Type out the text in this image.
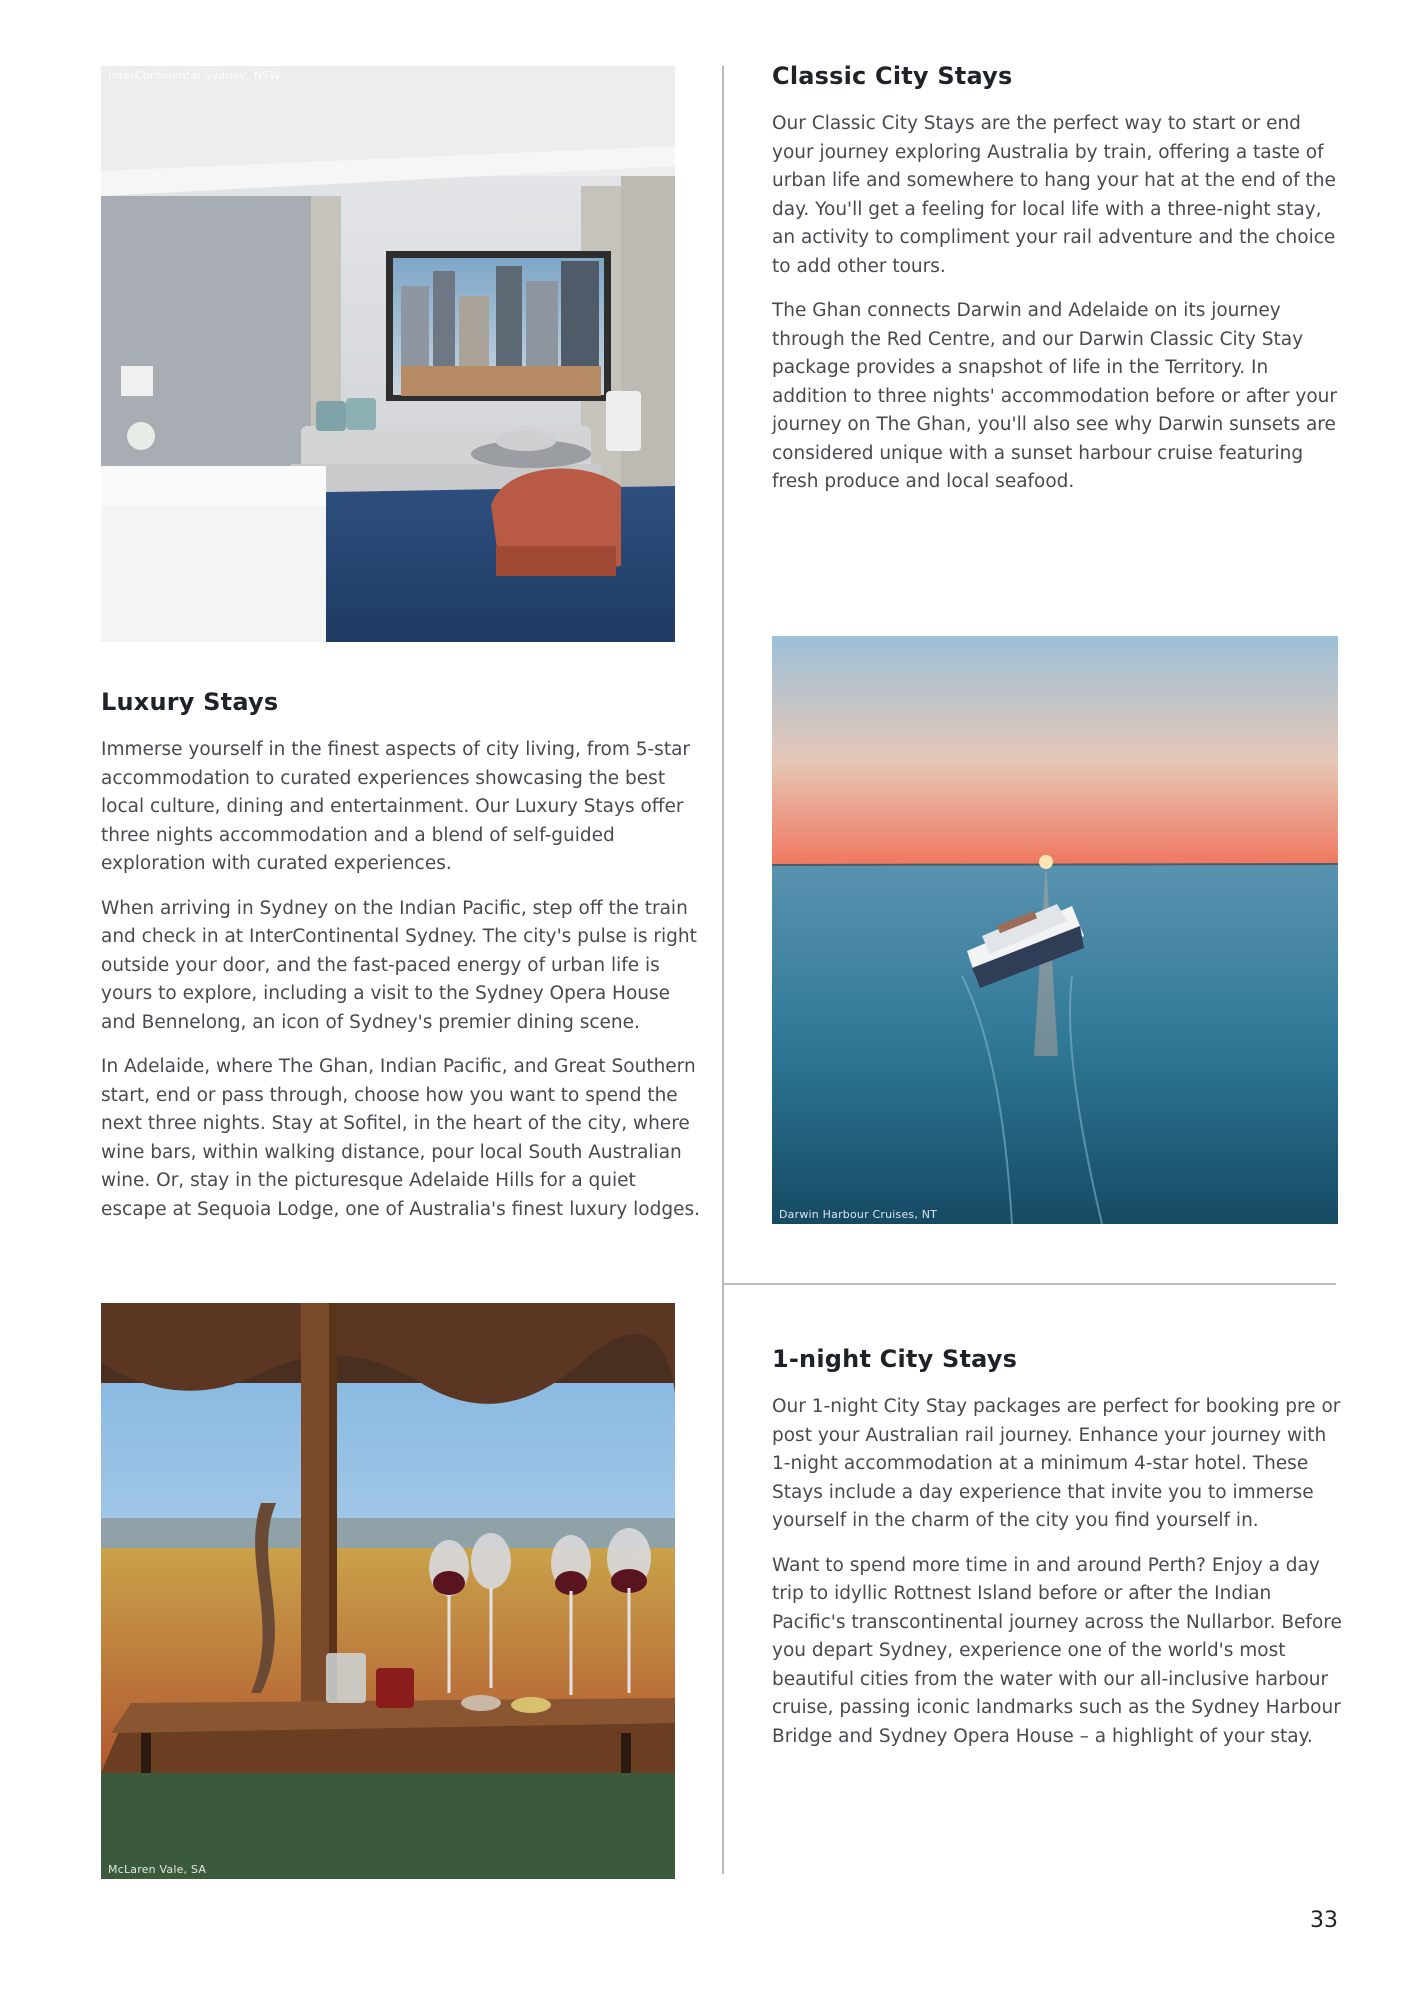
InterContinental Sydney, NSW
Luxury Stays

Immerse yourself in the finest aspects of city living, from 5-star accommodation to curated experiences showcasing the best local culture, dining and entertainment. Our Luxury Stays offer three nights accommodation and a blend of self-guided exploration with curated experiences.

When arriving in Sydney on the Indian Pacific, step off the train and check in at InterContinental Sydney. The city's pulse is right outside your door, and the fast-paced energy of urban life is yours to explore, including a visit to the Sydney Opera House and Bennelong, an icon of Sydney's premier dining scene.

In Adelaide, where The Ghan, Indian Pacific, and Great Southern start, end or pass through, choose how you want to spend the next three nights. Stay at Sofitel, in the heart of the city, where wine bars, within walking distance, pour local South Australian wine. Or, stay in the picturesque Adelaide Hills for a quiet escape at Sequoia Lodge, one of Australia's finest luxury lodges.

McLaren Vale, SA
Classic City Stays

Our Classic City Stays are the perfect way to start or end your journey exploring Australia by train, offering a taste of urban life and somewhere to hang your hat at the end of the day. You'll get a feeling for local life with a three-night stay, an activity to compliment your rail adventure and the choice to add other tours.

The Ghan connects Darwin and Adelaide on its journey through the Red Centre, and our Darwin Classic City Stay package provides a snapshot of life in the Territory. In addition to three nights' accommodation before or after your journey on The Ghan, you'll also see why Darwin sunsets are considered unique with a sunset harbour cruise featuring fresh produce and local seafood.

Darwin Harbour Cruises, NT
1-night City Stays

Our 1-night City Stay packages are perfect for booking pre or post your Australian rail journey. Enhance your journey with 1-night accommodation at a minimum 4-star hotel. These Stays include a day experience that invite you to immerse yourself in the charm of the city you find yourself in.

Want to spend more time in and around Perth? Enjoy a day trip to idyllic Rottnest Island before or after the Indian Pacific's transcontinental journey across the Nullarbor. Before you depart Sydney, experience one of the world's most beautiful cities from the water with our all-inclusive harbour cruise, passing iconic landmarks such as the Sydney Harbour Bridge and Sydney Opera House – a highlight of your stay.

33
